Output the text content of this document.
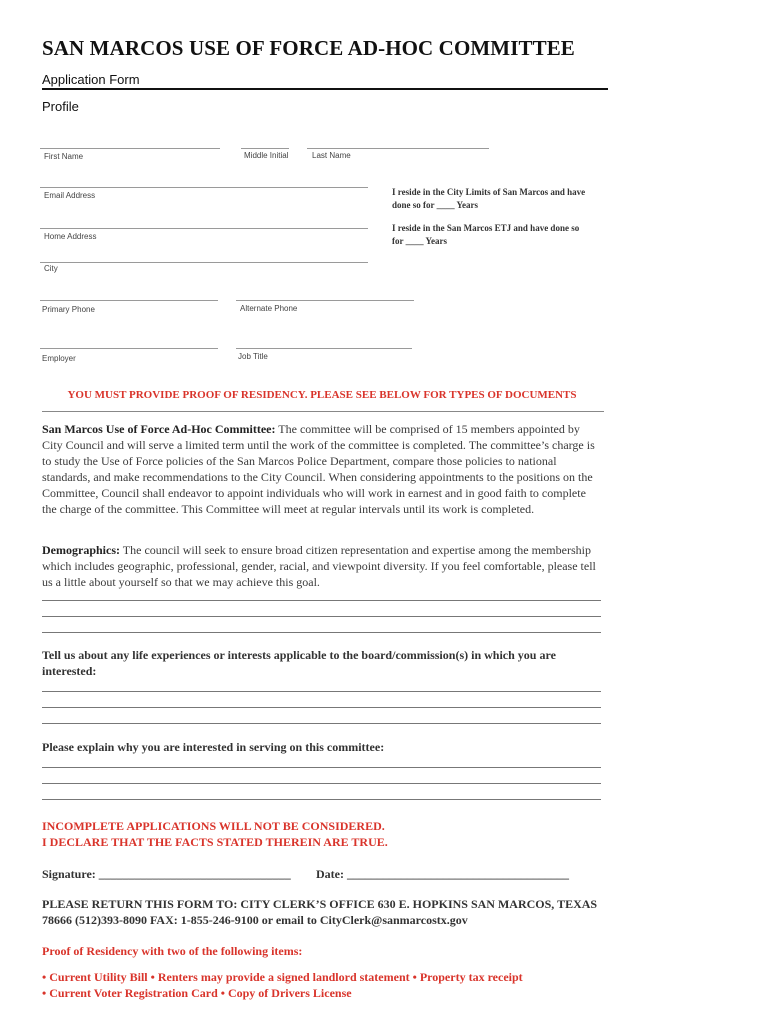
SAN MARCOS USE OF FORCE AD-HOC COMMITTEE
Application Form
Profile
First Name	Middle Initial	Last Name
Email Address
Home Address
City
Primary Phone	Alternate Phone
Employer	Job Title
I reside in the City Limits of San Marcos and have
done so for ____ Years
I reside in the San Marcos ETJ and have done so
for ____ Years
YOU MUST PROVIDE PROOF OF RESIDENCY. PLEASE SEE BELOW FOR TYPES OF DOCUMENTS
San Marcos Use of Force Ad-Hoc Committee: The committee will be comprised of 15 members appointed by City Council and will serve a limited term until the work of the committee is completed. The committee’s charge is to study the Use of Force policies of the San Marcos Police Department, compare those policies to national standards, and make recommendations to the City Council. When considering appointments to the positions on the Committee, Council shall endeavor to appoint individuals who will work in earnest and in good faith to complete the charge of the committee. This Committee will meet at regular intervals until its work is completed.
Demographics: The council will seek to ensure broad citizen representation and expertise among the membership which includes geographic, professional, gender, racial, and viewpoint diversity. If you feel comfortable, please tell us a little about yourself so that we may achieve this goal.
Tell us about any life experiences or interests applicable to the board/commission(s) in which you are interested:
Please explain why you are interested in serving on this committee:
INCOMPLETE APPLICATIONS WILL NOT BE CONSIDERED.
I DECLARE THAT THE FACTS STATED THEREIN ARE TRUE.
Signature: ________________________________ Date: _____________________________________
PLEASE RETURN THIS FORM TO: CITY CLERK’S OFFICE 630 E. HOPKINS SAN MARCOS, TEXAS
78666 (512)393-8090 FAX: 1-855-246-9100 or email to CityClerk@sanmarcostx.gov
Proof of Residency with two of the following items:
• Current Utility Bill • Renters may provide a signed landlord statement • Property tax receipt
• Current Voter Registration Card • Copy of Drivers License
